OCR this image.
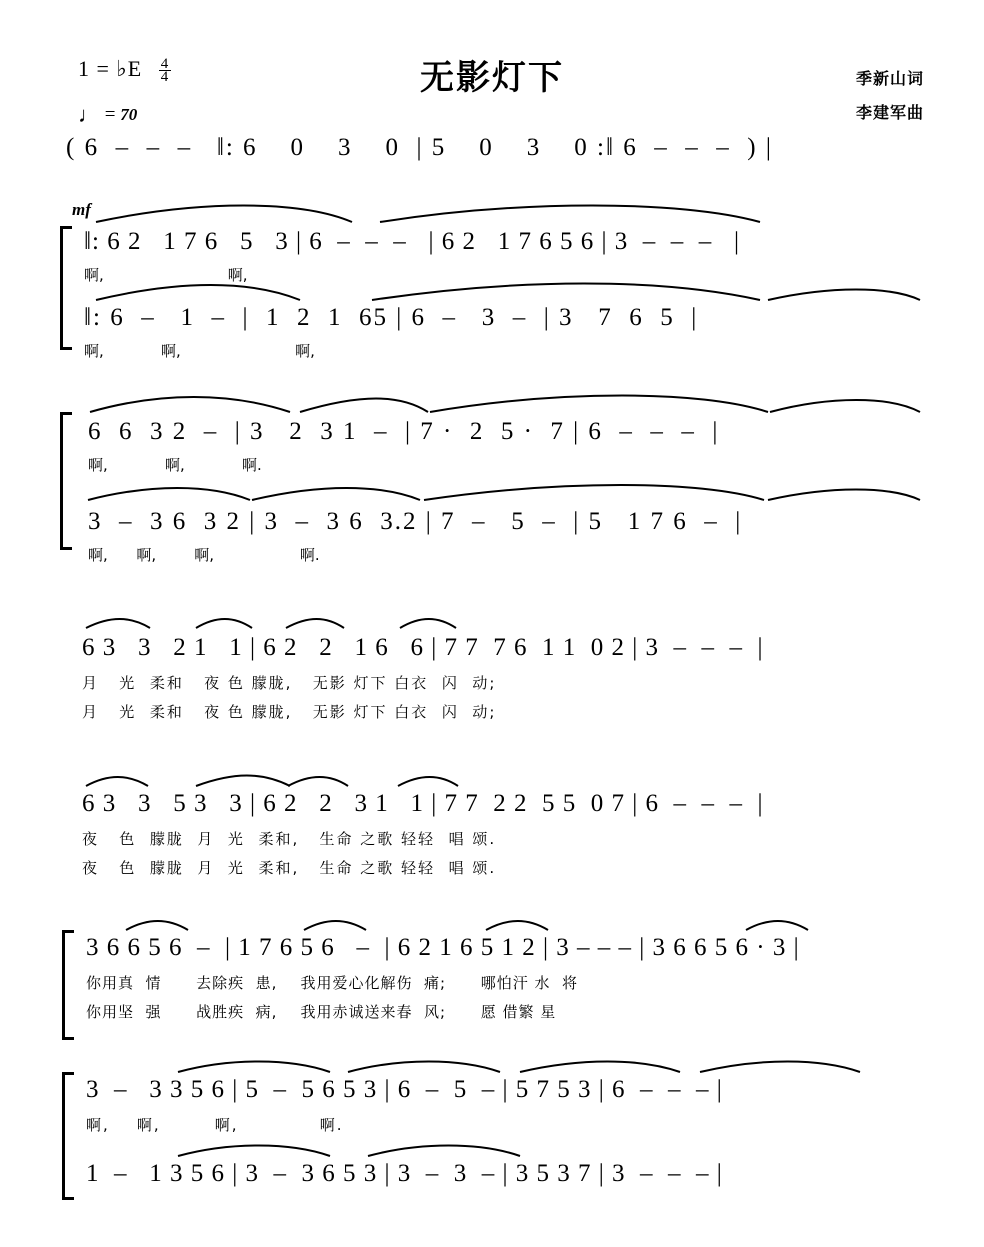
1 = ♭E $\frac{4}{4}$
♩ = 70
无影灯下	季新山词
李建军曲
( 6  –  –  –   ‖: 6    0    3    0  | 5    0    3    0 :‖ 6  –  –  –  ) |
mf
‖: 6 2   1 7 6   5   3 | 6  –  –  –   | 6 2   1 7 6 5 6 | 3  –  –  –   |
啊,                          啊,
‖: 6  –   1  –  |  1  2  1  65 | 6  –   3  –  | 3   7  6  5  |
啊,            啊,                        啊,
6  6  3 2  –  | 3   2  3 1  –  | 7 ·  2  5 ·  7 | 6  –  –  –  |
啊,            啊,            啊.
3  –  3 6  3 2 | 3  –  3 6  3.2 | 7  –   5  –  | 5   1 7 6  –  |
啊,      啊,        啊,                  啊.
6 3   3   2 1   1 | 6 2   2   1 6   6 | 7 7  7 6  1 1  0 2 | 3  –  –  –  |
月   光  柔和   夜 色 朦胧,   无影 灯下 白衣  闪  动;
月   光  柔和   夜 色 朦胧,   无影 灯下 白衣  闪  动;
6 3   3   5 3   3 | 6 2   2   3 1   1 | 7 7  2 2  5 5  0 7 | 6  –  –  –  |
夜   色  朦胧  月  光  柔和,   生命 之歌 轻轻  唱 颂.
夜   色  朦胧  月  光  柔和,   生命 之歌 轻轻  唱 颂.
3 6 6 5 6  –  | 1 7 6 5 6   –  | 6 2 1 6 5 1 2 | 3 – – – | 3 6 6 5 6 · 3 |
你用真  情      去除疾  患,    我用爱心化解伤  痛;      哪怕汗 水  将
你用坚  强      战胜疾  病,    我用赤诚送来春  风;      愿 借繁 星
3  –   3 3 5 6 | 5  –  5 6 5 3 | 6  –  5  – | 5 7 5 3 | 6  –  –  – |
啊,    啊,        啊,            啊.
1  –   1 3 5 6 | 3  –  3 6 5 3 | 3  –  3  – | 3 5 3 7 | 3  –  –  – |
